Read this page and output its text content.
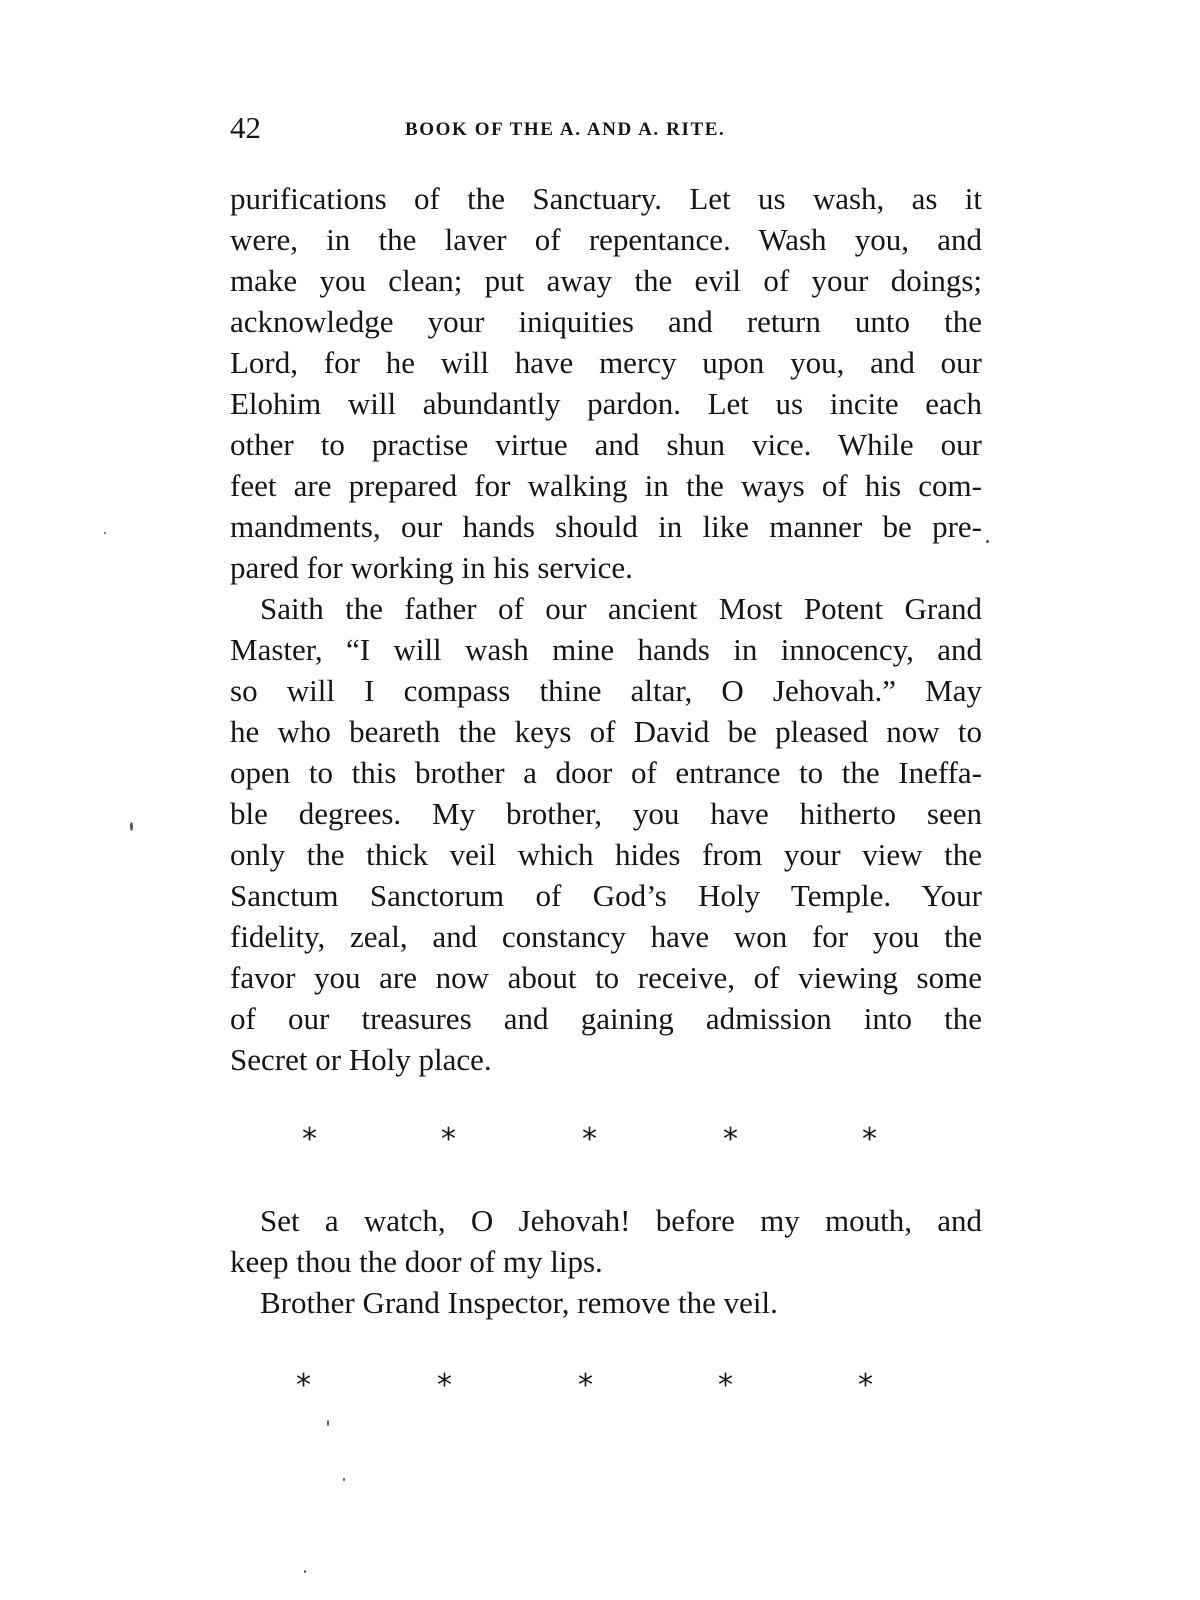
42	BOOK OF THE A. AND A. RITE.
purifications of the Sanctuary. Let us wash, as it
were, in the laver of repentance. Wash you, and
make you clean; put away the evil of your doings;
acknowledge your iniquities and return unto the
Lord, for he will have mercy upon you, and our
Elohim will abundantly pardon. Let us incite each
other to practise virtue and shun vice. While our
feet are prepared for walking in the ways of his com-
mandments, our hands should in like manner be pre-
pared for working in his service.
Saith the father of our ancient Most Potent Grand
Master, “I will wash mine hands in innocency, and
so will I compass thine altar, O Jehovah.” May
he who beareth the keys of David be pleased now to
open to this brother a door of entrance to the Ineffa-
ble degrees. My brother, you have hitherto seen
only the thick veil which hides from your view the
Sanctum Sanctorum of God’s Holy Temple. Your
fidelity, zeal, and constancy have won for you the
favor you are now about to receive, of viewing some
of our treasures and gaining admission into the
Secret or Holy place.
*	*	*	*	*
Set a watch, O Jehovah! before my mouth, and
keep thou the door of my lips.
Brother Grand Inspector, remove the veil.
*	*	*	*	*
